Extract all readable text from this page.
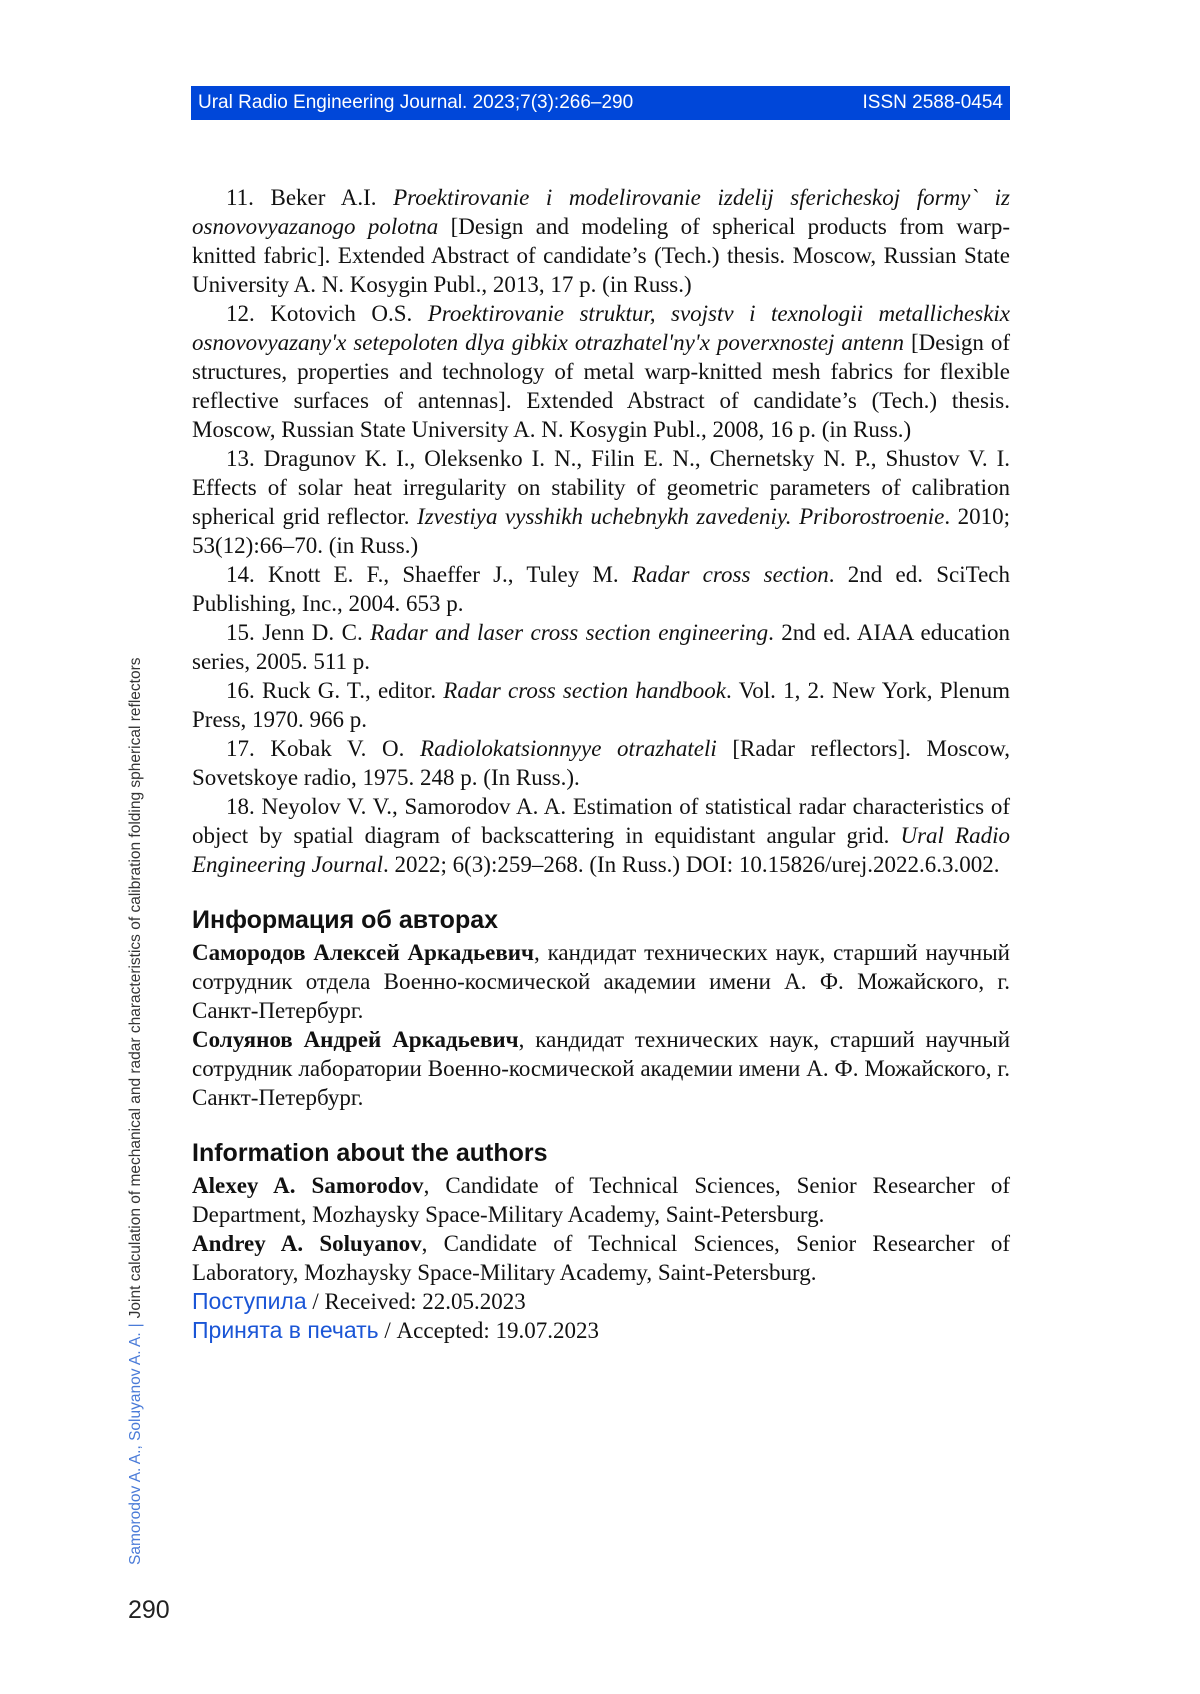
Ural Radio Engineering Journal. 2023;7(3):266–290	ISSN 2588-0454

11. Beker A.I. Proektirovanie i modelirovanie izdelij sfericheskoj formy` iz osnovovyazanogo polotna [Design and modeling of spherical products from warp-knitted fabric]. Extended Abstract of candidate’s (Tech.) thesis. Moscow, Russian State University A. N. Kosygin Publ., 2013, 17 p. (in Russ.)

12. Kotovich O.S. Proektirovanie struktur, svojstv i texnologii metallicheskix osnovovyazany'x setepoloten dlya gibkix otrazhatel'ny'x poverxnostej antenn [Design of structures, properties and technology of metal warp-knitted mesh fabrics for flexible reflective surfaces of antennas]. Extended Abstract of candidate’s (Tech.) thesis. Moscow, Russian State University A. N. Kosygin Publ., 2008, 16 p. (in Russ.)

13. Dragunov K. I., Oleksenko I. N., Filin E. N., Chernetsky N. P., Shustov V. I. Effects of solar heat irregularity on stability of geometric parameters of calibration spherical grid reflector. Izvestiya vysshikh uchebnykh zavedeniy. Priborostroenie. 2010; 53(12):66–70. (in Russ.)

14. Knott E. F., Shaeffer J., Tuley M. Radar cross section. 2nd ed. SciTech Publishing, Inc., 2004. 653 p.

15. Jenn D. C. Radar and laser cross section engineering. 2nd ed. AIAA education series, 2005. 511 p.

16. Ruck G. T., editor. Radar cross section handbook. Vol. 1, 2. New York, Plenum Press, 1970. 966 p.

17. Kobak V. O. Radiolokatsionnyye otrazhateli [Radar reflectors]. Moscow, Sovetskoye radio, 1975. 248 p. (In Russ.).

18. Neyolov V. V., Samorodov A. A. Estimation of statistical radar characteristics of object by spatial diagram of backscattering in equidistant angular grid. Ural Radio Engineering Journal. 2022; 6(3):259–268. (In Russ.) DOI: 10.15826/urej.2022.6.3.002.

Информация об авторах

Самородов Алексей Аркадьевич, кандидат технических наук, старший научный сотрудник отдела Военно-космической академии имени А. Ф. Можайского, г. Санкт-Петербург.

Солуянов Андрей Аркадьевич, кандидат технических наук, старший научный сотрудник лаборатории Военно-космической академии имени А. Ф. Можайского, г. Санкт-Петербург.

Information about the authors

Alexey A. Samorodov, Candidate of Technical Sciences, Senior Researcher of Department, Mozhaysky Space-Military Academy, Saint-Petersburg.

Andrey A. Soluyanov, Candidate of Technical Sciences, Senior Researcher of Laboratory, Mozhaysky Space-Military Academy, Saint-Petersburg.

Поступила / Received: 22.05.2023

Принята в печать / Accepted: 19.07.2023

Samorodov A. A., Soluyanov A. A.|Joint calculation of mechanical and radar characteristics of calibration folding spherical reflectors
290
